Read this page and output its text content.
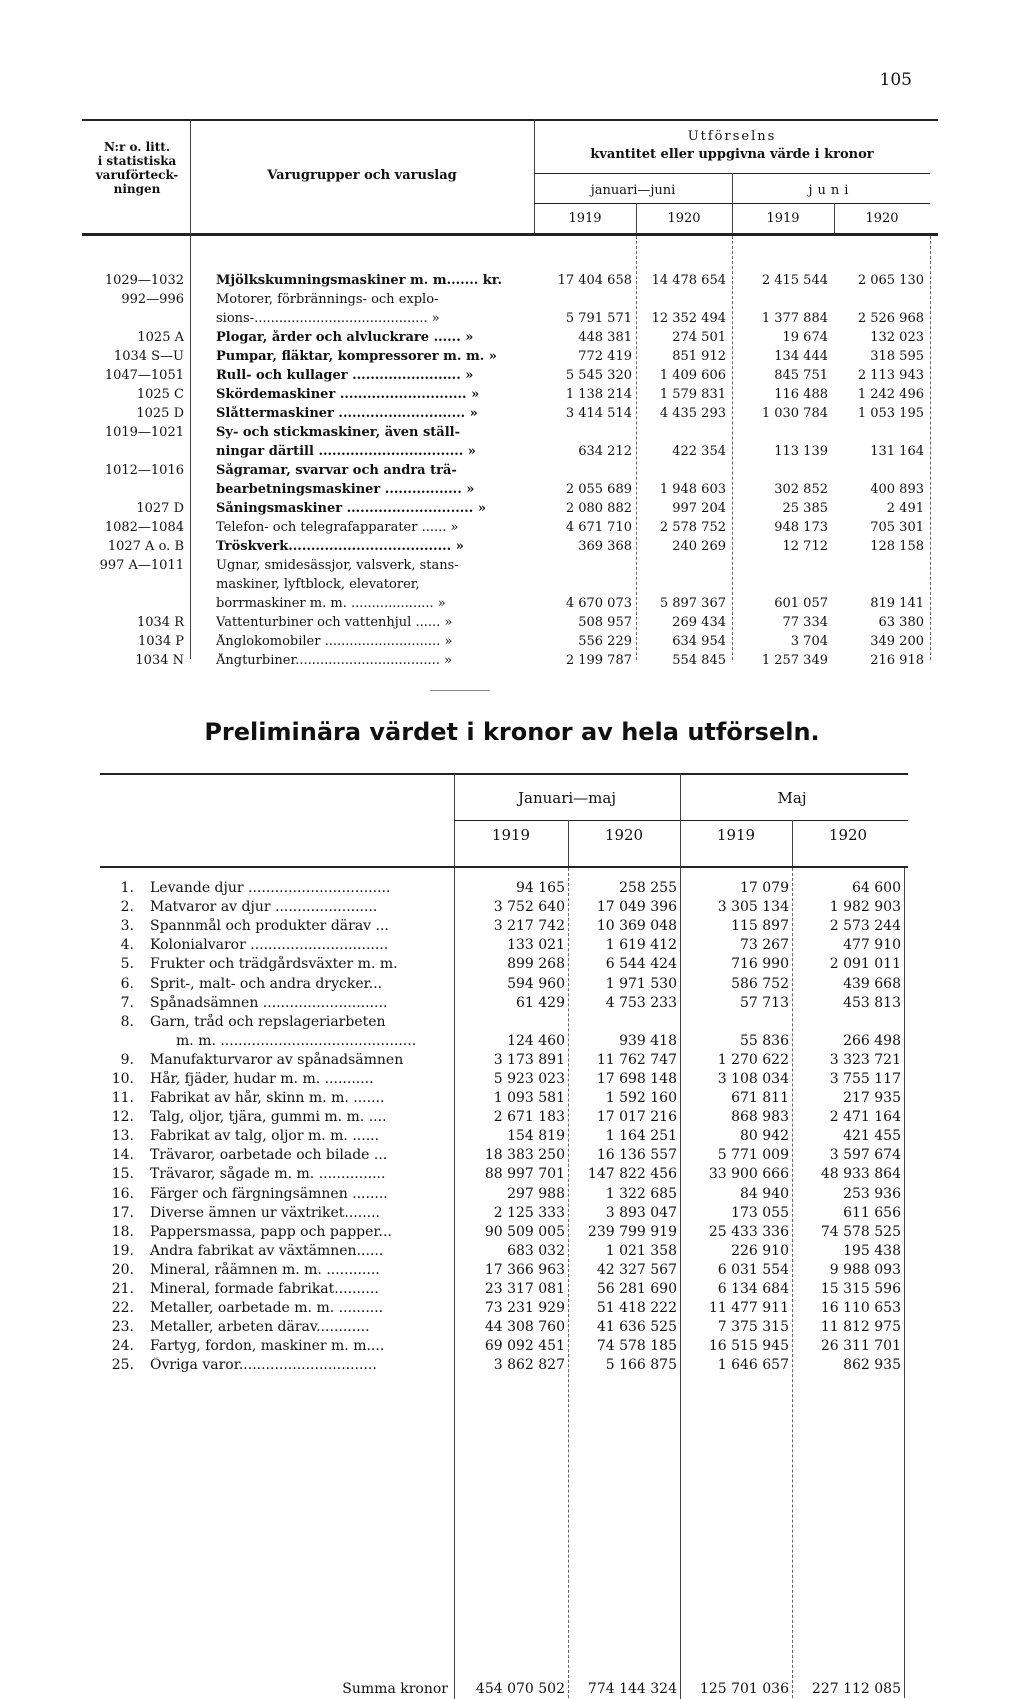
105
N:r o. litt.
i statistiska
varuförteck-
ningen
Varugrupper och varuslag
Utförselns
kvantitet eller uppgivna värde i kronor
januari—juni	juni
1919	1920	1919	1920
1029—1032 Mjölkskumningsmaskiner m. m....... kr.	17 404 658	14 478 654	2 415 544	2 065 130
992—996 Motorer, förbrännings- och explo-
sions-.......................................... »	5 791 571	12 352 494	1 377 884	2 526 968
1025 A Plogar, årder och alvluckrare ...... »	448 381	274 501	19 674	132 023
1034 S—U Pumpar, fläktar, kompressorer m. m. »	772 419	851 912	134 444	318 595
1047—1051 Rull- och kullager ........................ »	5 545 320	1 409 606	845 751	2 113 943
1025 C Skördemaskiner ............................ »	1 138 214	1 579 831	116 488	1 242 496
1025 D Slåttermaskiner ............................ »	3 414 514	4 435 293	1 030 784	1 053 195
1019—1021 Sy- och stickmaskiner, även ställ-
ningar därtill ................................ »	634 212	422 354	113 139	131 164
1012—1016 Sågramar, svarvar och andra trä-
bearbetningsmaskiner ................. »	2 055 689	1 948 603	302 852	400 893
1027 D Såningsmaskiner ............................ »	2 080 882	997 204	25 385	2 491
1082—1084 Telefon- och telegrafapparater ...... »	4 671 710	2 578 752	948 173	705 301
1027 A o. B Tröskverk.................................... »	369 368	240 269	12 712	128 158
997 A—1011 Ugnar, smidesässjor, valsverk, stans-
maskiner, lyftblock, elevatorer,
borrmaskiner m. m. .................... »	4 670 073	5 897 367	601 057	819 141
1034 R Vattenturbiner och vattenhjul ...... »	508 957	269 434	77 334	63 380
1034 P Ånglokomobiler ............................ »	556 229	634 954	3 704	349 200
1034 N Ångturbiner................................... »	2 199 787	554 845	1 257 349	216 918
Preliminära värdet i kronor av hela utförseln.
Januari—maj	Maj
1919	1920	1919	1920
1. Levande djur ................................	94 165	258 255	17 079	64 600
2. Matvaror av djur .......................	3 752 640	17 049 396	3 305 134	1 982 903
3. Spannmål och produkter därav ...	3 217 742	10 369 048	115 897	2 573 244
4. Kolonialvaror ...............................	133 021	1 619 412	73 267	477 910
5. Frukter och trädgårdsväxter m. m.	899 268	6 544 424	716 990	2 091 011
6. Sprit-, malt- och andra drycker...	594 960	1 971 530	586 752	439 668
7. Spånadsämnen ............................	61 429	4 753 233	57 713	453 813
8. Garn, tråd och repslageriarbeten
m. m. ............................................	124 460	939 418	55 836	266 498
9. Manufakturvaror av spånadsämnen	3 173 891	11 762 747	1 270 622	3 323 721
10. Hår, fjäder, hudar m. m. ...........	5 923 023	17 698 148	3 108 034	3 755 117
11. Fabrikat av hår, skinn m. m. .......	1 093 581	1 592 160	671 811	217 935
12. Talg, oljor, tjära, gummi m. m. ....	2 671 183	17 017 216	868 983	2 471 164
13. Fabrikat av talg, oljor m. m. ......	154 819	1 164 251	80 942	421 455
14. Trävaror, oarbetade och bilade ...	18 383 250	16 136 557	5 771 009	3 597 674
15. Trävaror, sågade m. m. ...............	88 997 701	147 822 456	33 900 666	48 933 864
16. Färger och färgningsämnen ........	297 988	1 322 685	84 940	253 936
17. Diverse ämnen ur växtriket........	2 125 333	3 893 047	173 055	611 656
18. Pappersmassa, papp och papper...	90 509 005	239 799 919	25 433 336	74 578 525
19. Andra fabrikat av växtämnen......	683 032	1 021 358	226 910	195 438
20. Mineral, råämnen m. m. ............	17 366 963	42 327 567	6 031 554	9 988 093
21. Mineral, formade fabrikat..........	23 317 081	56 281 690	6 134 684	15 315 596
22. Metaller, oarbetade m. m. ..........	73 231 929	51 418 222	11 477 911	16 110 653
23. Metaller, arbeten därav............	44 308 760	41 636 525	7 375 315	11 812 975
24. Fartyg, fordon, maskiner m. m....	69 092 451	74 578 185	16 515 945	26 311 701
25. Övriga varor...............................	3 862 827	5 166 875	1 646 657	862 935
Summa kronor	454 070 502	774 144 324	125 701 036	227 112 085
